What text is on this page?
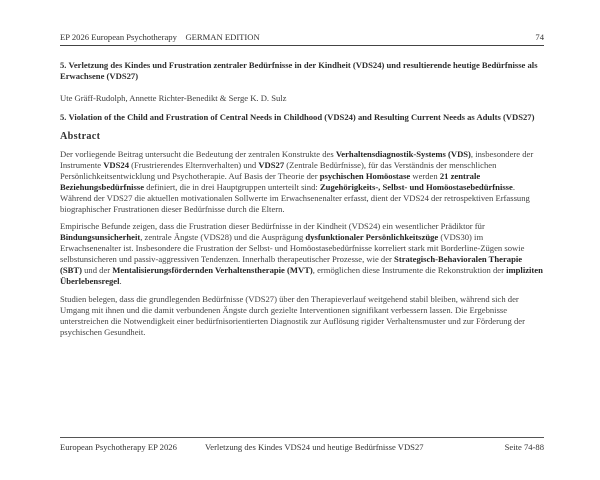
EP 2026 European Psychotherapy GERMAN EDITION	74
5. Verletzung des Kindes und Frustration zentraler Bedürfnisse in der Kindheit (VDS24) und resultierende heutige Bedürfnisse als Erwachsene (VDS27)
Ute Gräff-Rudolph, Annette Richter-Benedikt & Serge K. D. Sulz
5. Violation of the Child and Frustration of Central Needs in Childhood (VDS24) and Resulting Current Needs as Adults (VDS27)
Abstract

Der vorliegende Beitrag untersucht die Bedeutung der zentralen Konstrukte des Verhaltensdiagnostik-Systems (VDS), insbesondere der Instrumente VDS24 (Frustrierendes Elternverhalten) und VDS27 (Zentrale Bedürfnisse), für das Verständnis der menschlichen Persönlichkeitsentwicklung und Psychotherapie. Auf Basis der Theorie der psychischen Homöostase werden 21 zentrale Beziehungsbedürfnisse definiert, die in drei Hauptgruppen unterteilt sind: Zugehörigkeits-, Selbst- und Homöostasebedürfnisse. Während der VDS27 die aktuellen motivationalen Sollwerte im Erwachsenenalter erfasst, dient der VDS24 der retrospektiven Erfassung biographischer Frustrationen dieser Bedürfnisse durch die Eltern.

Empirische Befunde zeigen, dass die Frustration dieser Bedürfnisse in der Kindheit (VDS24) ein wesentlicher Prädiktor für Bindungsunsicherheit, zentrale Ängste (VDS28) und die Ausprägung dysfunktionaler Persönlichkeitszüge (VDS30) im Erwachsenenalter ist. Insbesondere die Frustration der Selbst- und Homöostasebedürfnisse korreliert stark mit Borderline-Zügen sowie selbstunsicheren und passiv-aggressiven Tendenzen. Innerhalb therapeutischer Prozesse, wie der Strategisch-Behavioralen Therapie (SBT) und der Mentalisierungsfördernden Verhaltenstherapie (MVT), ermöglichen diese Instrumente die Rekonstruktion der impliziten Überlebensregel.

Studien belegen, dass die grundlegenden Bedürfnisse (VDS27) über den Therapieverlauf weitgehend stabil bleiben, während sich der Umgang mit ihnen und die damit verbundenen Ängste durch gezielte Interventionen signifikant verbessern lassen. Die Ergebnisse unterstreichen die Notwendigkeit einer bedürfnisorientierten Diagnostik zur Auflösung rigider Verhaltensmuster und zur Förderung der psychischen Gesundheit.

European Psychotherapy EP 2026	Verletzung des Kindes VDS24 und heutige Bedürfnisse VDS27	Seite 74-88
